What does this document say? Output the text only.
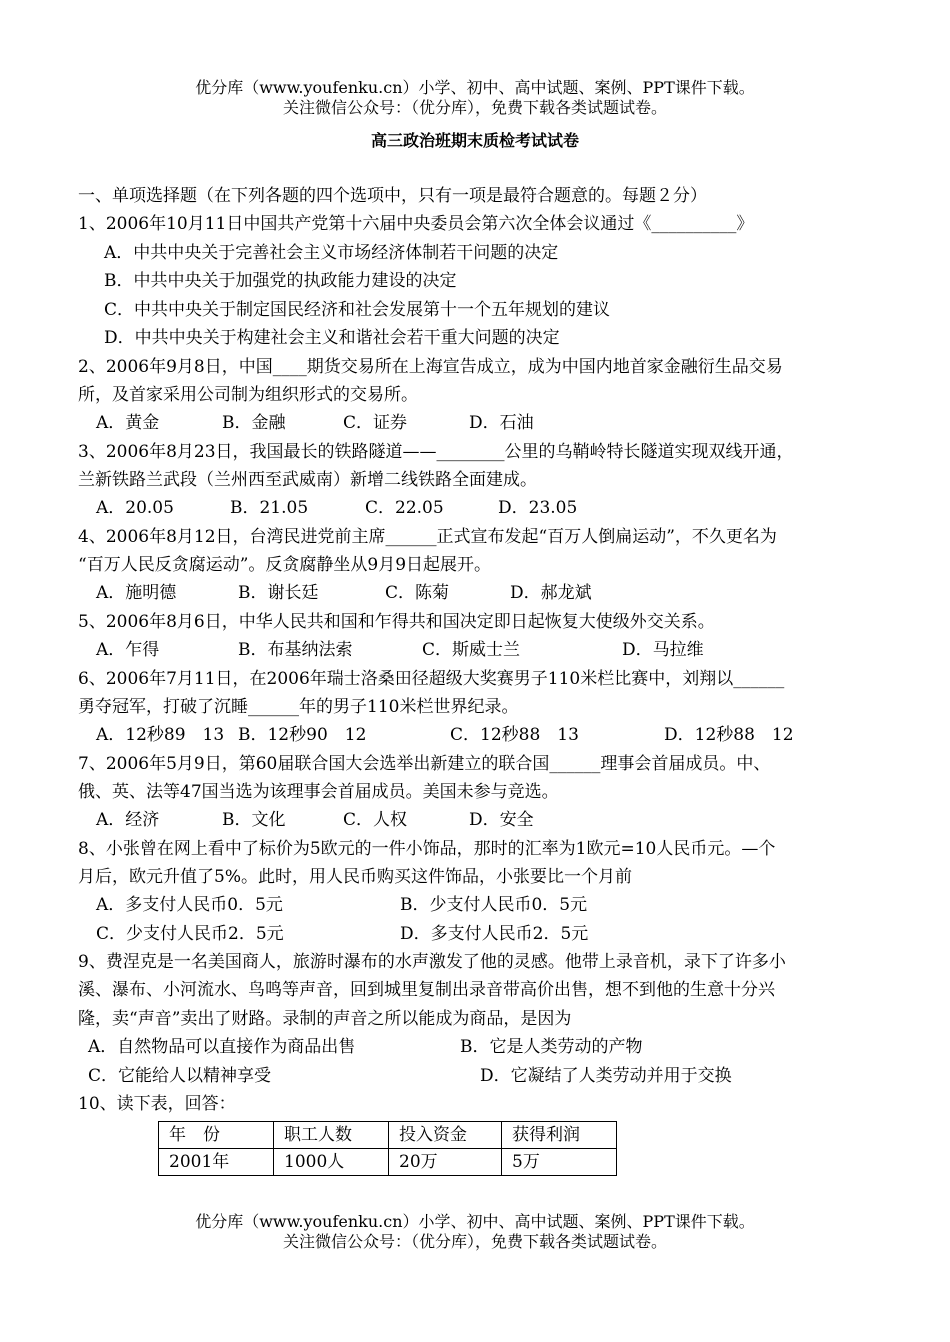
优分库（www.youfenku.cn）小学、初中、高中试题、案例、PPT课件下载。
关注微信公众号：（优分库），免费下载各类试题试卷。
高三政治班期末质检考试试卷
一、单项选择题（在下列各题的四个选项中，只有一项是最符合题意的。每题２分）
1、2006年10月11日中国共产党第十六届中央委员会第六次全体会议通过《__________》
A．中共中央关于完善社会主义市场经济体制若干问题的决定
B．中共中央关于加强党的执政能力建设的决定
C．中共中央关于制定国民经济和社会发展第十一个五年规划的建议
D．中共中央关于构建社会主义和谐社会若干重大问题的决定
2、2006年9月8日，中国____期货交易所在上海宣告成立，成为中国内地首家金融衍生品交易
所，及首家采用公司制为组织形式的交易所。
A．黄金	B．金融	C．证券	D．石油
3、2006年8月23日，我国最长的铁路隧道——________公里的乌鞘岭特长隧道实现双线开通，
兰新铁路兰武段（兰州西至武威南）新增二线铁路全面建成。
A．20.05	B．21.05	C．22.05	D．23.05
4、2006年8月12日，台湾民进党前主席______正式宣布发起“百万人倒扁运动”，不久更名为
“百万人民反贪腐运动”。反贪腐静坐从9月9日起展开。
A．施明德	B．谢长廷	C．陈菊	D．郝龙斌
5、2006年8月6日，中华人民共和国和乍得共和国决定即日起恢复大使级外交关系。
A．乍得	B．布基纳法索	C．斯威士兰	D．马拉维
6、2006年7月11日，在2006年瑞士洛桑田径超级大奖赛男子110米栏比赛中，刘翔以______
勇夺冠军，打破了沉睡______年的男子110米栏世界纪录。
A．12秒89　13 B．12秒90　12	C．12秒88　13	D．12秒88　12
7、2006年5月9日，第60届联合国大会选举出新建立的联合国______理事会首届成员。中、
俄、英、法等47国当选为该理事会首届成员。美国未参与竞选。
A．经济	B．文化	C．人权	D．安全
8、小张曾在网上看中了标价为5欧元的一件小饰品，那时的汇率为1欧元=10人民币元。—个
月后，欧元升值了5%。此时，用人民币购买这件饰品，小张要比一个月前
A．多支付人民币0．5元	B．少支付人民币0．5元
C．少支付人民币2．5元	D．多支付人民币2．5元
9、费涅克是一名美国商人，旅游时瀑布的水声激发了他的灵感。他带上录音机，录下了许多小
溪、瀑布、小河流水、鸟鸣等声音，回到城里复制出录音带高价出售，想不到他的生意十分兴
隆，卖“声音”卖出了财路。录制的声音之所以能成为商品，是因为
A．自然物品可以直接作为商品出售	B．它是人类劳动的产物
C．它能给人以精神享受	D．它凝结了人类劳动并用于交换
10、读下表，回答：
年　份	职工人数	投入资金	获得利润
2001年	1000人	20万	5万
优分库（www.youfenku.cn）小学、初中、高中试题、案例、PPT课件下载。
关注微信公众号：（优分库），免费下载各类试题试卷。
